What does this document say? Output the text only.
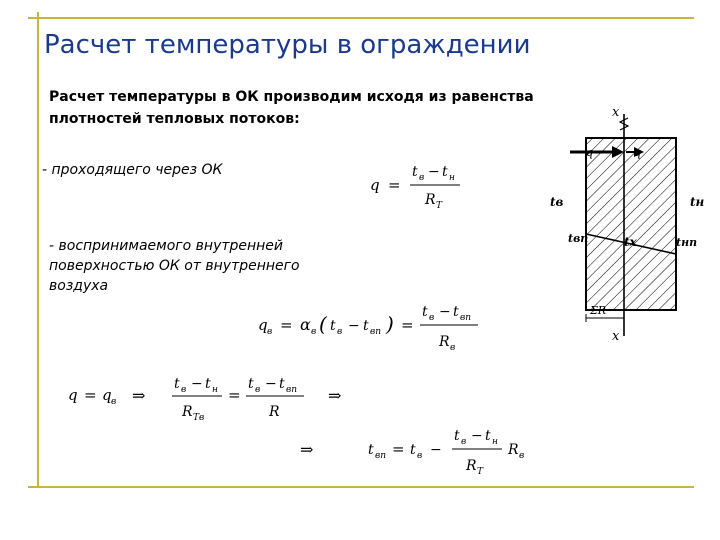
Расчет температуры в ограждении
Расчет температуры в ОК производим исходя из равенства плотностей тепловых потоков:
- проходящего через ОК
- воспринимаемого внутренней поверхностью ОК от внутреннего воздуха
q =
t в − t н
R T
q в = α в ( t в − t вп ) =
t в − t вп
R в
q = q в ⇒
t в − t н
R Tв
=
t в − t вп
R
⇒
⇒	t вп = t в −
t в − t н
R T
R в
x
x
q	q
tв	tн
tвп	tнп
tx
ΣR
